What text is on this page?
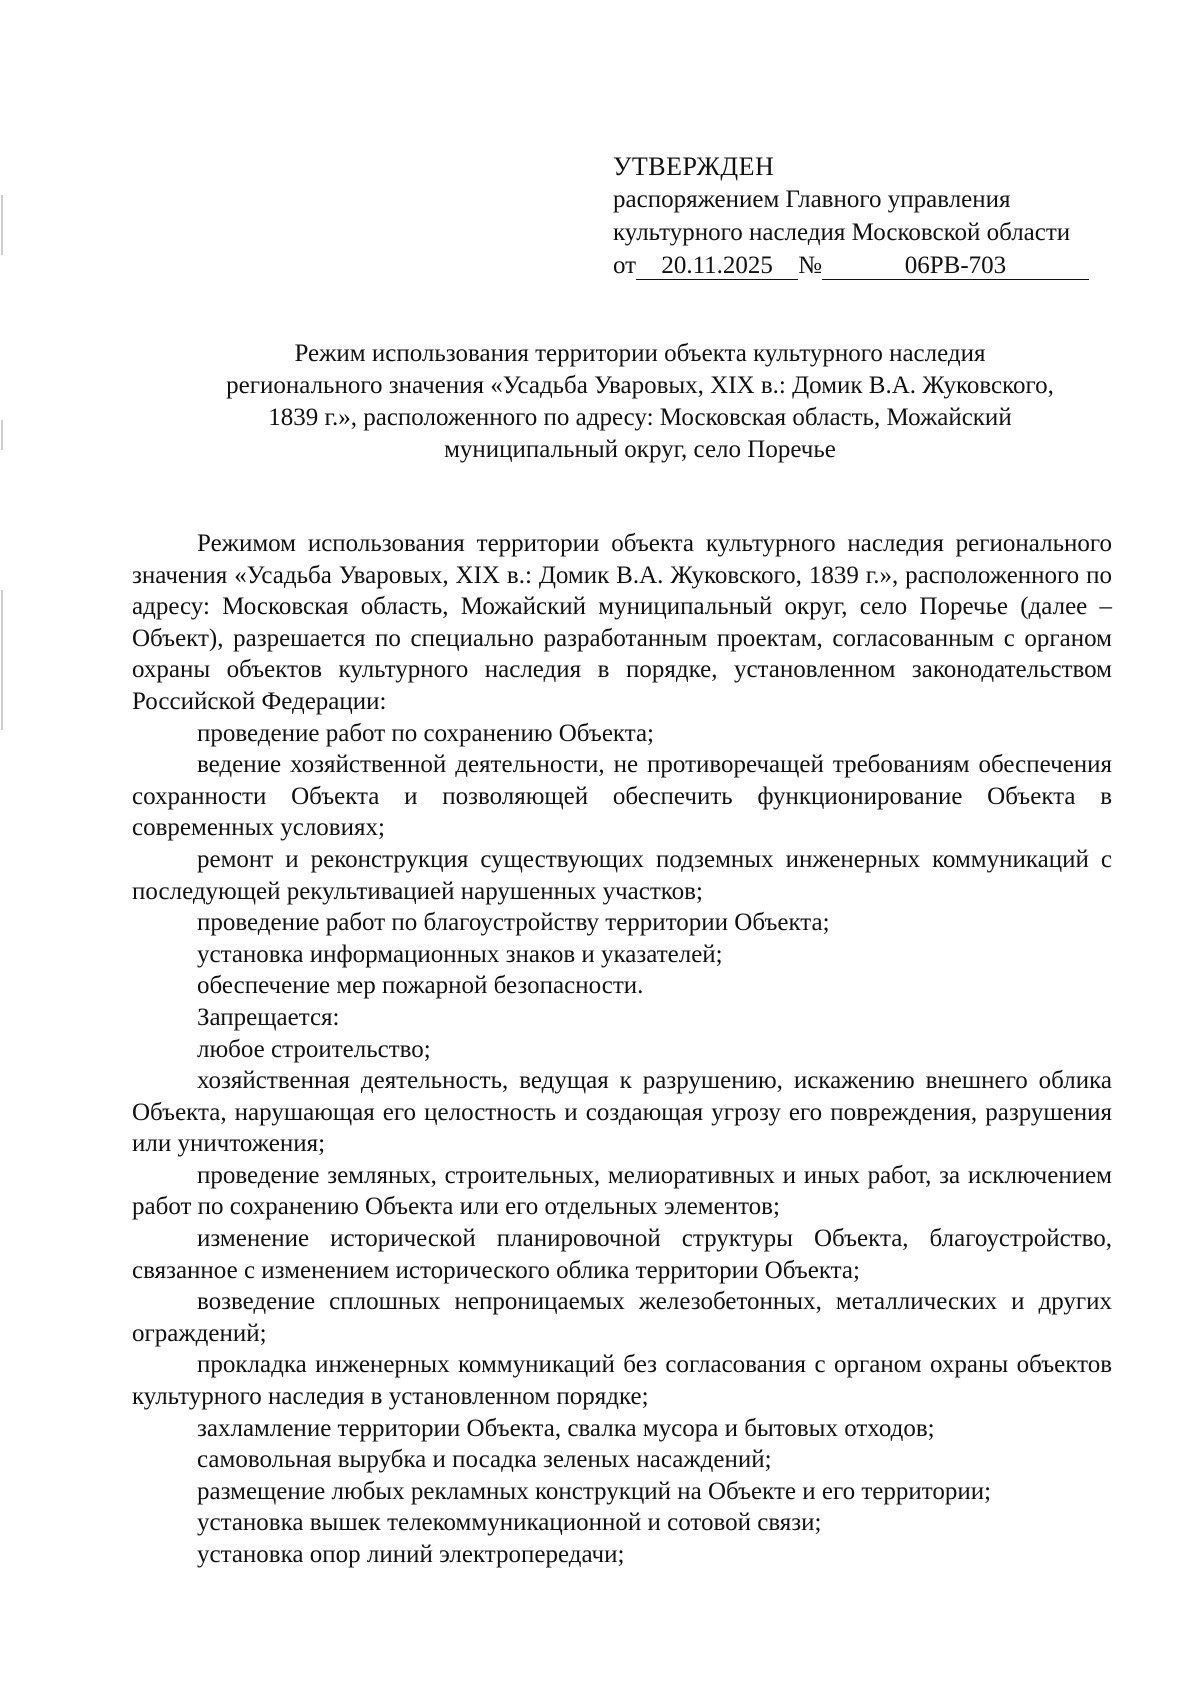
УТВЕРЖДЕН
распоряжением Главного управления
культурного наследия Московской области
от 20.11.2025 №	06РВ-703
Режим использования территории объекта культурного наследия
регионального значения «Усадьба Уваровых, XIX в.: Домик В.А. Жуковского,
1839 г.», расположенного по адресу: Московская область, Можайский
муниципальный округ, село Поречье

Режимом использования территории объекта культурного наследия регионального значения «Усадьба Уваровых, XIX в.: Домик В.А. Жуковского, 1839 г.», расположенного по адресу: Московская область, Можайский муниципальный округ, село Поречье (далее – Объект), разрешается по специально разработанным проектам, согласованным с органом охраны объектов культурного наследия в порядке, установленном законодательством Российской Федерации:

проведение работ по сохранению Объекта;

ведение хозяйственной деятельности, не противоречащей требованиям обеспечения сохранности Объекта и позволяющей обеспечить функционирование Объекта в современных условиях;

ремонт и реконструкция существующих подземных инженерных коммуникаций с последующей рекультивацией нарушенных участков;

проведение работ по благоустройству территории Объекта;

установка информационных знаков и указателей;

обеспечение мер пожарной безопасности.

Запрещается:

любое строительство;

хозяйственная деятельность, ведущая к разрушению, искажению внешнего облика Объекта, нарушающая его целостность и создающая угрозу его повреждения, разрушения или уничтожения;

проведение земляных, строительных, мелиоративных и иных работ, за исключением работ по сохранению Объекта или его отдельных элементов;

изменение исторической планировочной структуры Объекта, благоустройство, связанное с изменением исторического облика территории Объекта;

возведение сплошных непроницаемых железобетонных, металлических и других ограждений;

прокладка инженерных коммуникаций без согласования с органом охраны объектов культурного наследия в установленном порядке;

захламление территории Объекта, свалка мусора и бытовых отходов;

самовольная вырубка и посадка зеленых насаждений;

размещение любых рекламных конструкций на Объекте и его территории;

установка вышек телекоммуникационной и сотовой связи;

установка опор линий электропередачи;
